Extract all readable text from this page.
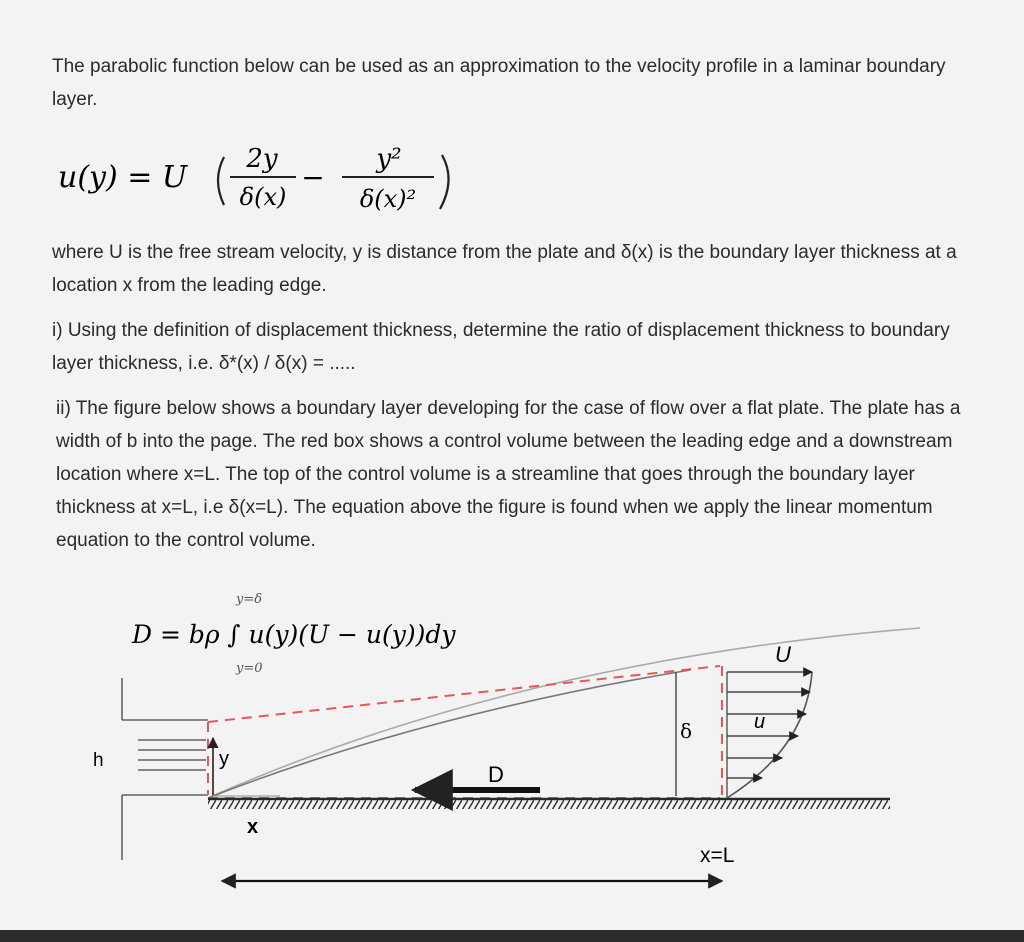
The parabolic function below can be used as an approximation to the velocity profile in a laminar boundary layer.

u(y) = U
2y
δ(x)
−
y²
δ(x)²

where U is the free stream velocity, y is distance from the plate and δ(x) is the boundary layer thickness at a location x from the leading edge.

i) Using the definition of displacement thickness, determine the ratio of displacement thickness to boundary layer thickness, i.e. δ*(x) / δ(x) = .....

ii) The figure below shows a boundary layer developing for the case of flow over a flat plate. The plate has a width of b into the page. The red box shows a control volume between the leading edge and a downstream location where x=L. The top of the control volume is a streamline that goes through the boundary layer thickness at x=L, i.e δ(x=L). The equation above the figure is found when we apply the linear momentum equation to the control volume.

D = bρ ∫ u(y)(U − u(y))dy
y=δ
y=0
h	y
x
D
δ
U
u
x=L
